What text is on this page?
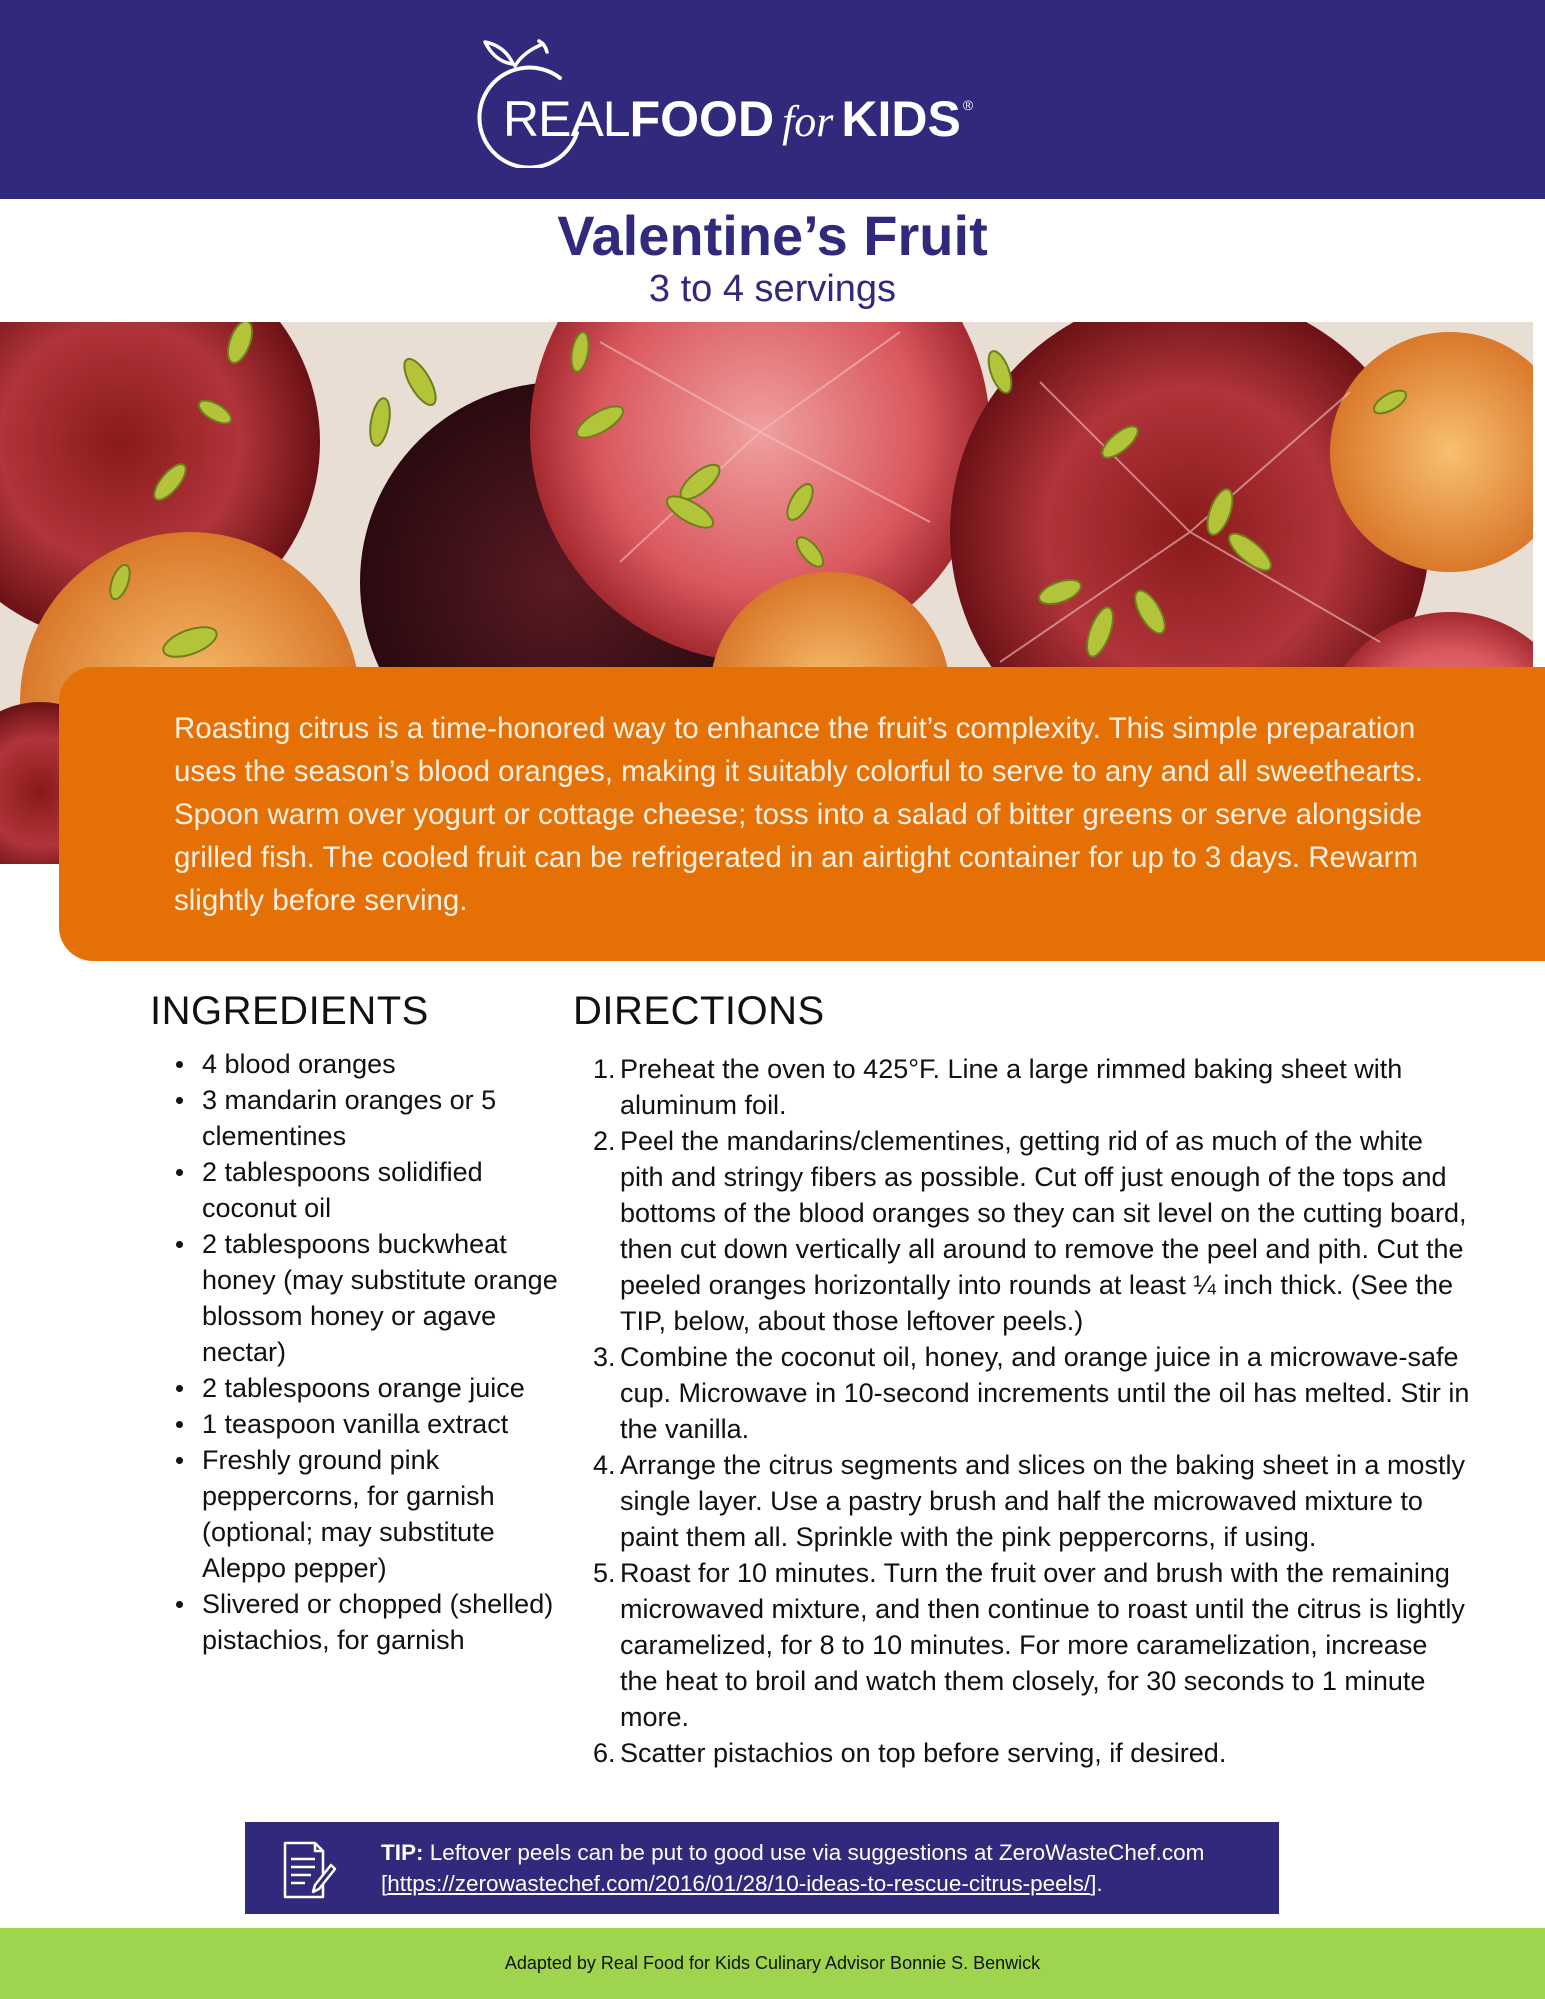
REALFOOD for KIDS ®
Valentine’s Fruit
3 to 4 servings

Roasting citrus is a time-honored way to enhance the fruit’s complexity. This simple preparation uses the season’s blood oranges, making it suitably colorful to serve to any and all sweethearts. Spoon warm over yogurt or cottage cheese; toss into a salad of bitter greens or serve alongside grilled fish. The cooled fruit can be refrigerated in an airtight container for up to 3 days. Rewarm slightly before serving.

INGREDIENTS
4 blood oranges
3 mandarin oranges or 5 clementines
2 tablespoons solidified coconut oil
2 tablespoons buckwheat honey (may substitute orange blossom honey or agave nectar)
2 tablespoons orange juice
1 teaspoon vanilla extract
Freshly ground pink peppercorns, for garnish (optional; may substitute Aleppo pepper)
Slivered or chopped (shelled) pistachios, for garnish
DIRECTIONS
1. Preheat the oven to 425°F. Line a large rimmed baking sheet with aluminum foil.
2. Peel the mandarins/clementines, getting rid of as much of the white pith and stringy fibers as possible. Cut off just enough of the tops and bottoms of the blood oranges so they can sit level on the cutting board, then cut down vertically all around to remove the peel and pith. Cut the peeled oranges horizontally into rounds at least ¼ inch thick. (See the TIP, below, about those leftover peels.)
3. Combine the coconut oil, honey, and orange juice in a microwave-safe cup. Microwave in 10-second increments until the oil has melted. Stir in the vanilla.
4. Arrange the citrus segments and slices on the baking sheet in a mostly single layer. Use a pastry brush and half the microwaved mixture to paint them all. Sprinkle with the pink peppercorns, if using.
5. Roast for 10 minutes. Turn the fruit over and brush with the remaining microwaved mixture, and then continue to roast until the citrus is lightly caramelized, for 8 to 10 minutes. For more caramelization, increase the heat to broil and watch them closely, for 30 seconds to 1 minute more.
6. Scatter pistachios on top before serving, if desired.
TIP: Leftover peels can be put to good use via suggestions at ZeroWasteChef.com
[https://zerowastechef.com/2016/01/28/10-ideas-to-rescue-citrus-peels/].
Adapted by Real Food for Kids Culinary Advisor Bonnie S. Benwick
